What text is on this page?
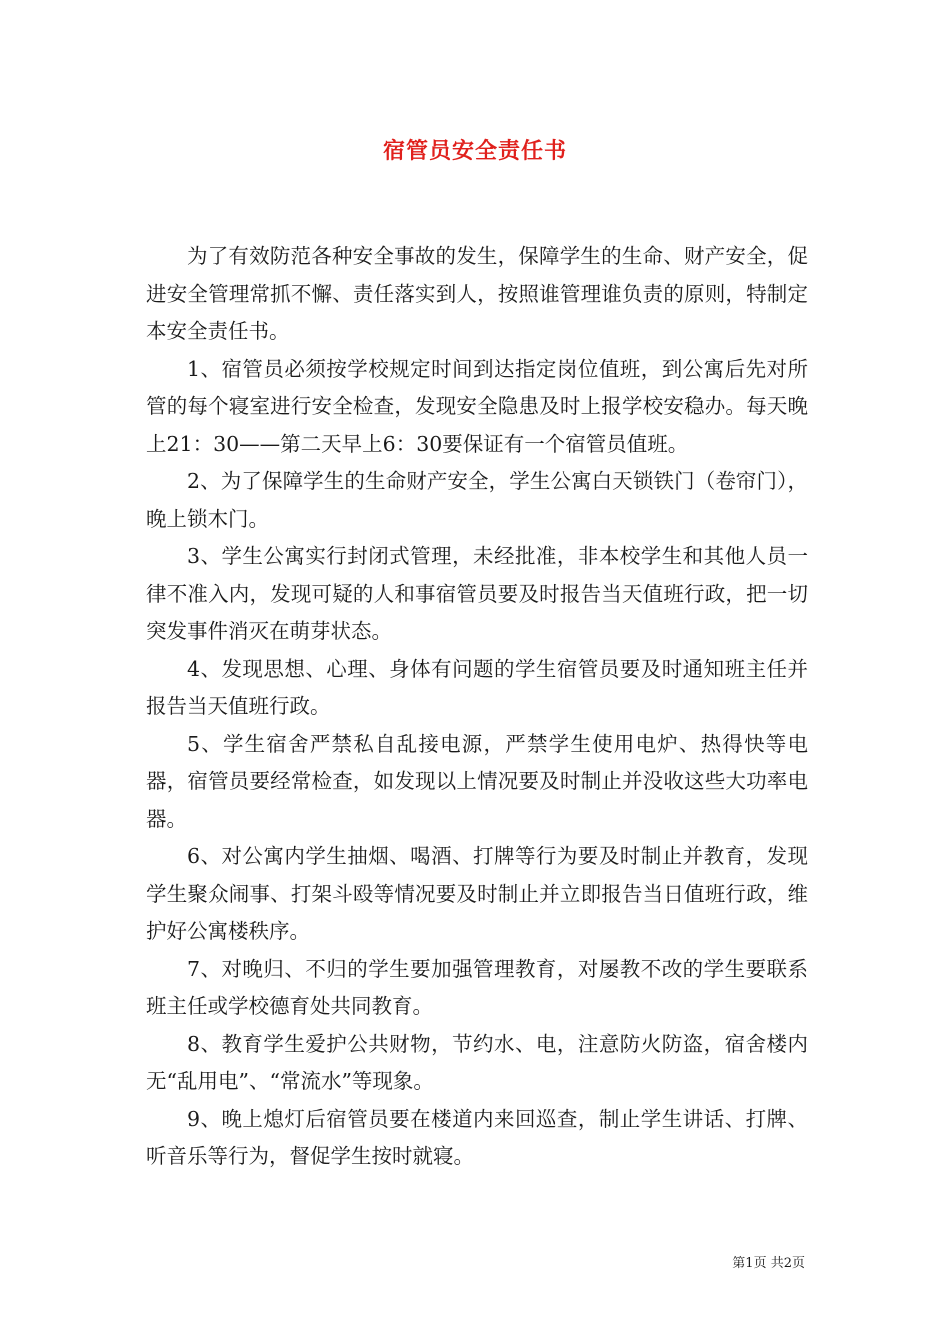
宿管员安全责任书

为了有效防范各种安全事故的发生，保障学生的生命、财产安全，促进安全管理常抓不懈、责任落实到人，按照谁管理谁负责的原则，特制定本安全责任书。

1、宿管员必须按学校规定时间到达指定岗位值班，到公寓后先对所管的每个寝室进行安全检查，发现安全隐患及时上报学校安稳办。每天晚上21：30——第二天早上6：30要保证有一个宿管员值班。

2、为了保障学生的生命财产安全，学生公寓白天锁铁门（卷帘门），晚上锁木门。

3、学生公寓实行封闭式管理，未经批准，非本校学生和其他人员一律不准入内，发现可疑的人和事宿管员要及时报告当天值班行政，把一切突发事件消灭在萌芽状态。

4、发现思想、心理、身体有问题的学生宿管员要及时通知班主任并报告当天值班行政。

5、学生宿舍严禁私自乱接电源，严禁学生使用电炉、热得快等电器，宿管员要经常检查，如发现以上情况要及时制止并没收这些大功率电器。

6、对公寓内学生抽烟、喝酒、打牌等行为要及时制止并教育，发现学生聚众闹事、打架斗殴等情况要及时制止并立即报告当日值班行政，维护好公寓楼秩序。

7、对晚归、不归的学生要加强管理教育，对屡教不改的学生要联系班主任或学校德育处共同教育。

8、教育学生爱护公共财物，节约水、电，注意防火防盗，宿舍楼内无“乱用电”、“常流水”等现象。

9、晚上熄灯后宿管员要在楼道内来回巡查，制止学生讲话、打牌、听音乐等行为，督促学生按时就寝。

第1页 共2页
